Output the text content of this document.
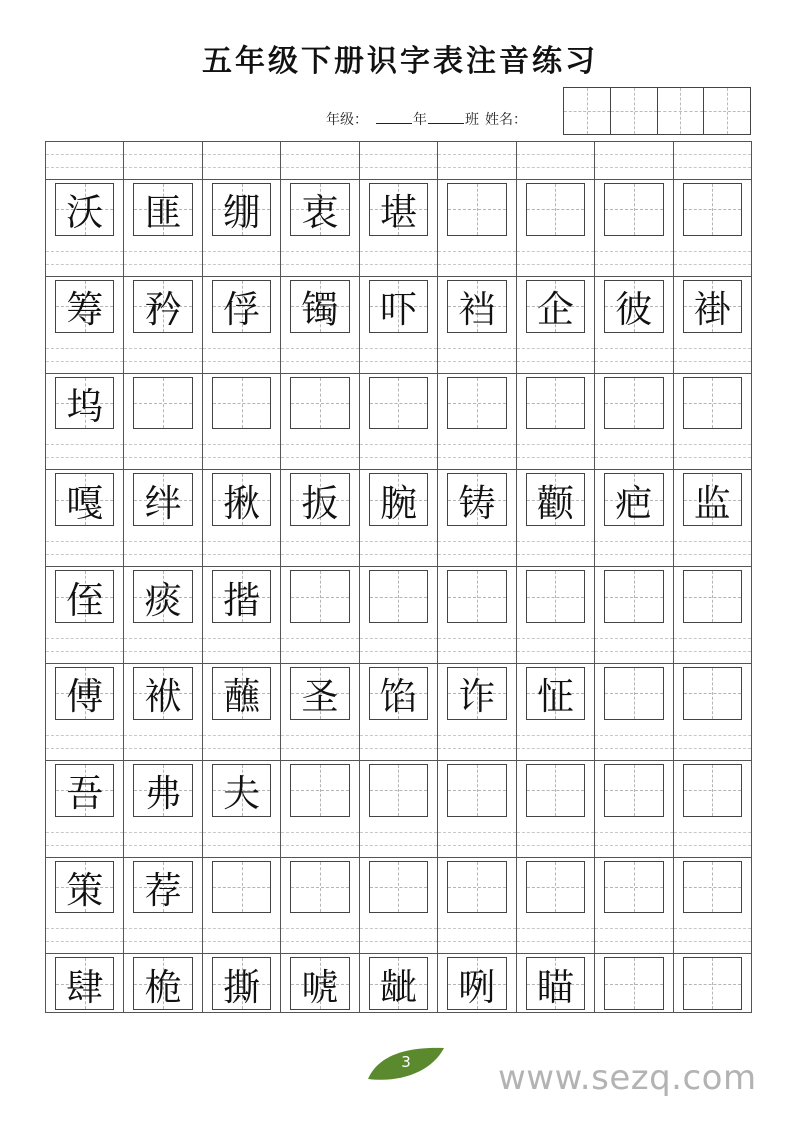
五年级下册识字表注音练习
年级：	年	班 姓名：
沃	匪	绷	衷	堪
筹	矜	俘	镯	吓	裆	企	彼	褂
坞
嘎	绊	揪	扳	腕	铸	颧	疤	监
侄	痰	揩
傅	袱	蘸	圣	馅	诈	怔
吾	弗	夫
策	荐
肆	桅	撕	唬	龇	咧	瞄
3	www.sezq.com
